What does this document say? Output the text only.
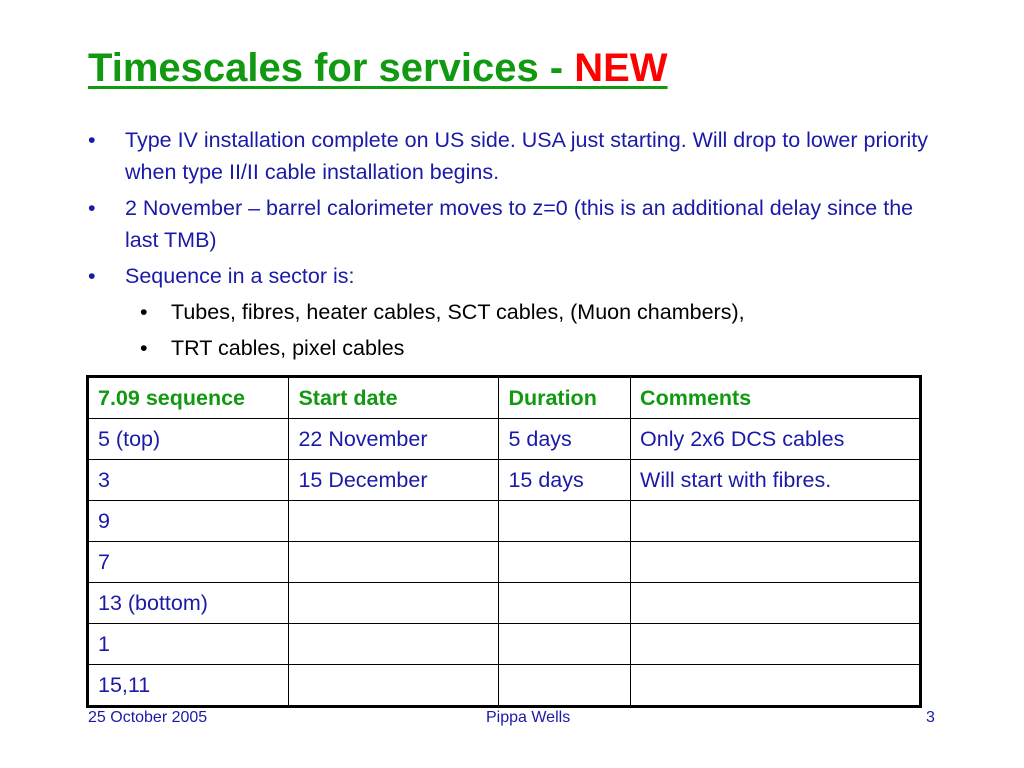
Timescales for services - NEW
• Type IV installation complete on US side. USA just starting. Will drop to lower priority when type II/II cable installation begins.
• 2 November – barrel calorimeter moves to z=0 (this is an additional delay since the last TMB)
• Sequence in a sector is:
• Tubes, fibres, heater cables, SCT cables, (Muon chambers),
• TRT cables, pixel cables
7.09 sequence	Start date	Duration	Comments
5 (top)	22 November	5 days	Only 2x6 DCS cables
3	15 December	15 days	Will start with fibres.
9			
7			
13 (bottom)			
1			
15,11			
25 October 2005	Pippa Wells	3
